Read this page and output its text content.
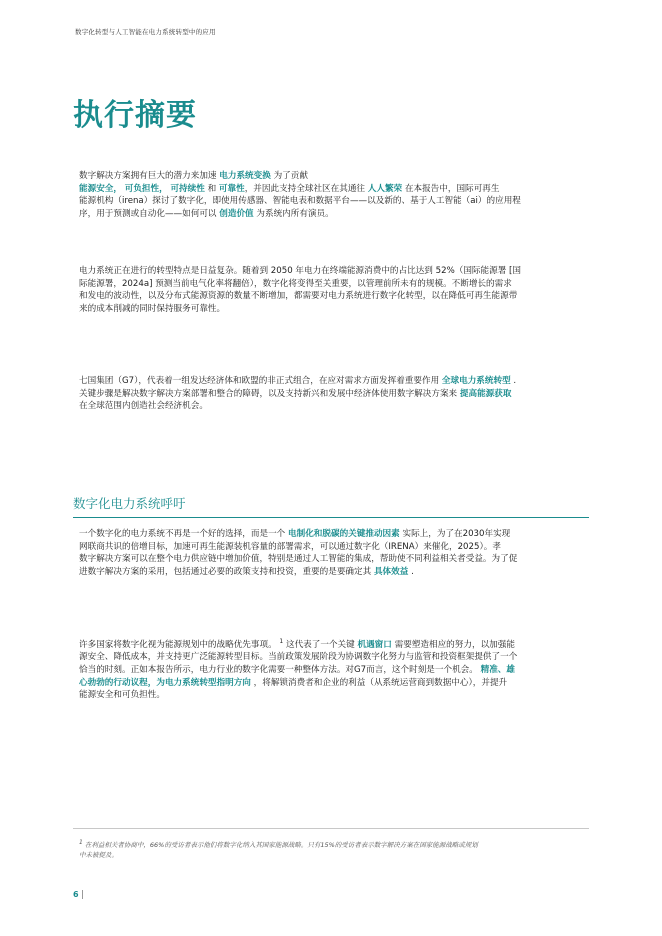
数字化转型与人工智能在电力系统转型中的应用
执行摘要
数字解决方案拥有巨大的潜力来加速 电力系统变换 为了贡献
能源安全， 可负担性， 可持续性 和 可靠性，并因此支持全球社区在其通往 人人繁荣 在本报告中，国际可再生
能源机构（irena）探讨了数字化，即使用传感器、智能电表和数据平台——以及新的、基于人工智能（ai）的应用程
序，用于预测或自动化——如何可以 创造价值 为系统内所有演员。
电力系统正在进行的转型特点是日益复杂。随着到 2050 年电力在终端能源消费中的占比达到 52%（国际能源署 [国
际能源署，2024a] 预测当前电气化率将翻倍），数字化将变得至关重要，以管理前所未有的规模。不断增长的需求
和发电的波动性，以及分布式能源资源的数量不断增加，都需要对电力系统进行数字化转型，以在降低可再生能源带
来的成本削减的同时保持服务可靠性。
七国集团（G7），代表着一组发达经济体和欧盟的非正式组合，在应对需求方面发挥着重要作用 全球电力系统转型 .
关键步骤是解决数字解决方案部署和整合的障碍，以及支持新兴和发展中经济体使用数字解决方案来 提高能源获取
在全球范围内创造社会经济机会。
数字化电力系统呼吁
一个数字化的电力系统不再是一个好的选择，而是一个 电制化和脱碳的关键推动因素 实际上，为了在2030年实现
网联商共识的倍增目标，加速可再生能源装机容量的部署需求，可以通过数字化（IRENA）来催化，2025）。孝
数字解决方案可以在整个电力供应链中增加价值，特别是通过人工智能的集成，帮助使不同利益相关者受益。为了促
进数字解决方案的采用，包括通过必要的政策支持和投资，重要的是要确定其 具体效益 .
许多国家将数字化视为能源规划中的战略优先事项。 $^1$ 这代表了一个关键 机遇窗口 需要塑造相应的努力，以加强能
源安全、降低成本，并支持更广泛能源转型目标。当前政策发展阶段为协调数字化努力与监管和投资框架提供了一个
恰当的时刻。正如本报告所示，电力行业的数字化需要一种整体方法。对G7而言，这个时刻是一个机会。 精准、雄
心勃勃的行动议程，为电力系统转型指明方向 ，将解锁消费者和企业的利益（从系统运营商到数据中心），并提升
能源安全和可负担性。
1 在利益相关者协商中，66%的受访者表示他们将数字化纳入其国家能源战略。只有15%的受访者表示数字解决方案在国家能源战略或规划
中未被提及。
6
